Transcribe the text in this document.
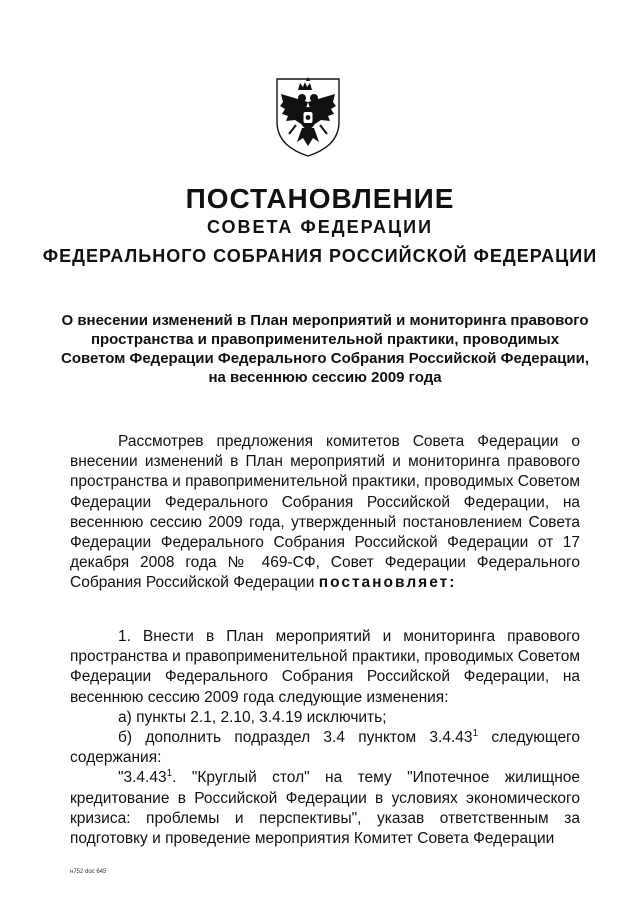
ПОСТАНОВЛЕНИЕ
СОВЕТА ФЕДЕРАЦИИ
ФЕДЕРАЛЬНОГО СОБРАНИЯ РОССИЙСКОЙ ФЕДЕРАЦИИ
О внесении изменений в План мероприятий и мониторинга правового пространства и правоприменительной практики, проводимых Советом Федерации Федерального Собрания Российской Федерации, на весеннюю сессию 2009 года

Рассмотрев предложения комитетов Совета Федерации о внесении изменений в План мероприятий и мониторинга правового пространства и правоприменительной практики, проводимых Советом Федерации Федерального Собрания Российской Федерации, на весеннюю сессию 2009 года, утвержденный постановлением Совета Федерации Федерального Собрания Российской Федерации от 17 декабря 2008 года № 469-СФ, Совет Федерации Федерального Собрания Российской Федерации постановляет:

1. Внести в План мероприятий и мониторинга правового пространства и правоприменительной практики, проводимых Советом Федерации Федерального Собрания Российской Федерации, на весеннюю сессию 2009 года следующие изменения:

а) пункты 2.1, 2.10, 3.4.19 исключить;

б) дополнить подраздел 3.4 пунктом 3.4.43$^1$ следующего содержания:

"3.4.43$^1$. "Круглый стол" на тему "Ипотечное жилищное кредитование в Российской Федерации в условиях экономического кризиса: проблемы и перспективы", указав ответственным за подготовку и проведение мероприятия Комитет Совета Федерации

н752 doc 645
